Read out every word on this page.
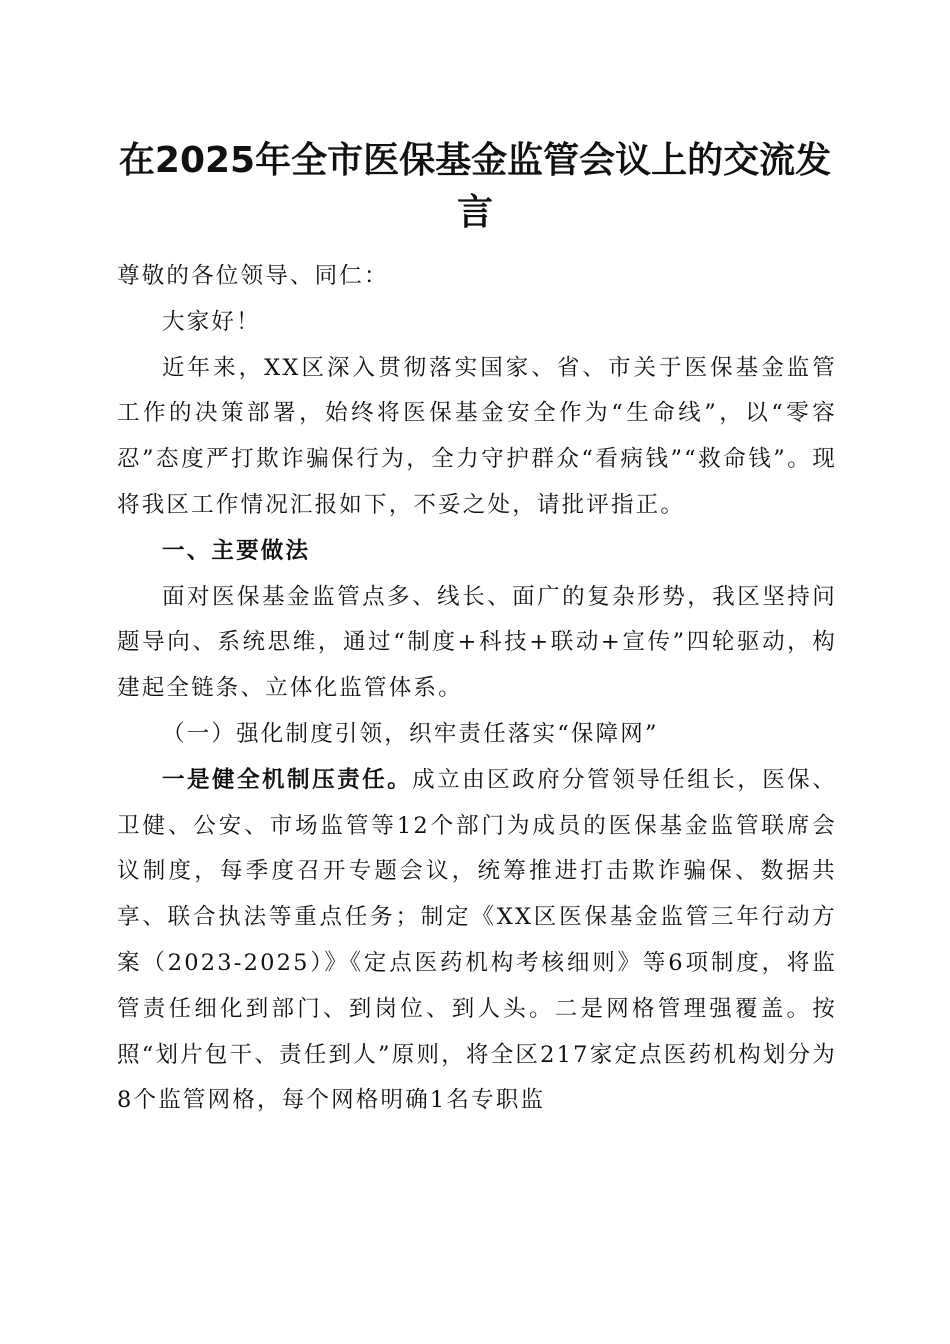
在2025年全市医保基金监管会议上的交流发
言

尊敬的各位领导、同仁：

大家好！

近年来，XX区深入贯彻落实国家、省、市关于医保基金监管工作的决策部署，始终将医保基金安全作为“生命线”，以“零容忍”态度严打欺诈骗保行为，全力守护群众“看病钱”“救命钱”。现将我区工作情况汇报如下，不妥之处，请批评指正。

一、主要做法

面对医保基金监管点多、线长、面广的复杂形势，我区坚持问题导向、系统思维，通过“制度+科技+联动+宣传”四轮驱动，构建起全链条、立体化监管体系。

（一）强化制度引领，织牢责任落实“保障网”

一是健全机制压责任。成立由区政府分管领导任组长，医保、卫健、公安、市场监管等12个部门为成员的医保基金监管联席会议制度，每季度召开专题会议，统筹推进打击欺诈骗保、数据共享、联合执法等重点任务；制定《XX区医保基金监管三年行动方案（2023-2025）》《定点医药机构考核细则》等6项制度，将监管责任细化到部门、到岗位、到人头。二是网格管理强覆盖。按照“划片包干、责任到人”原则，将全区217家定点医药机构划分为8个监管网格，每个网格明确1名专职监
